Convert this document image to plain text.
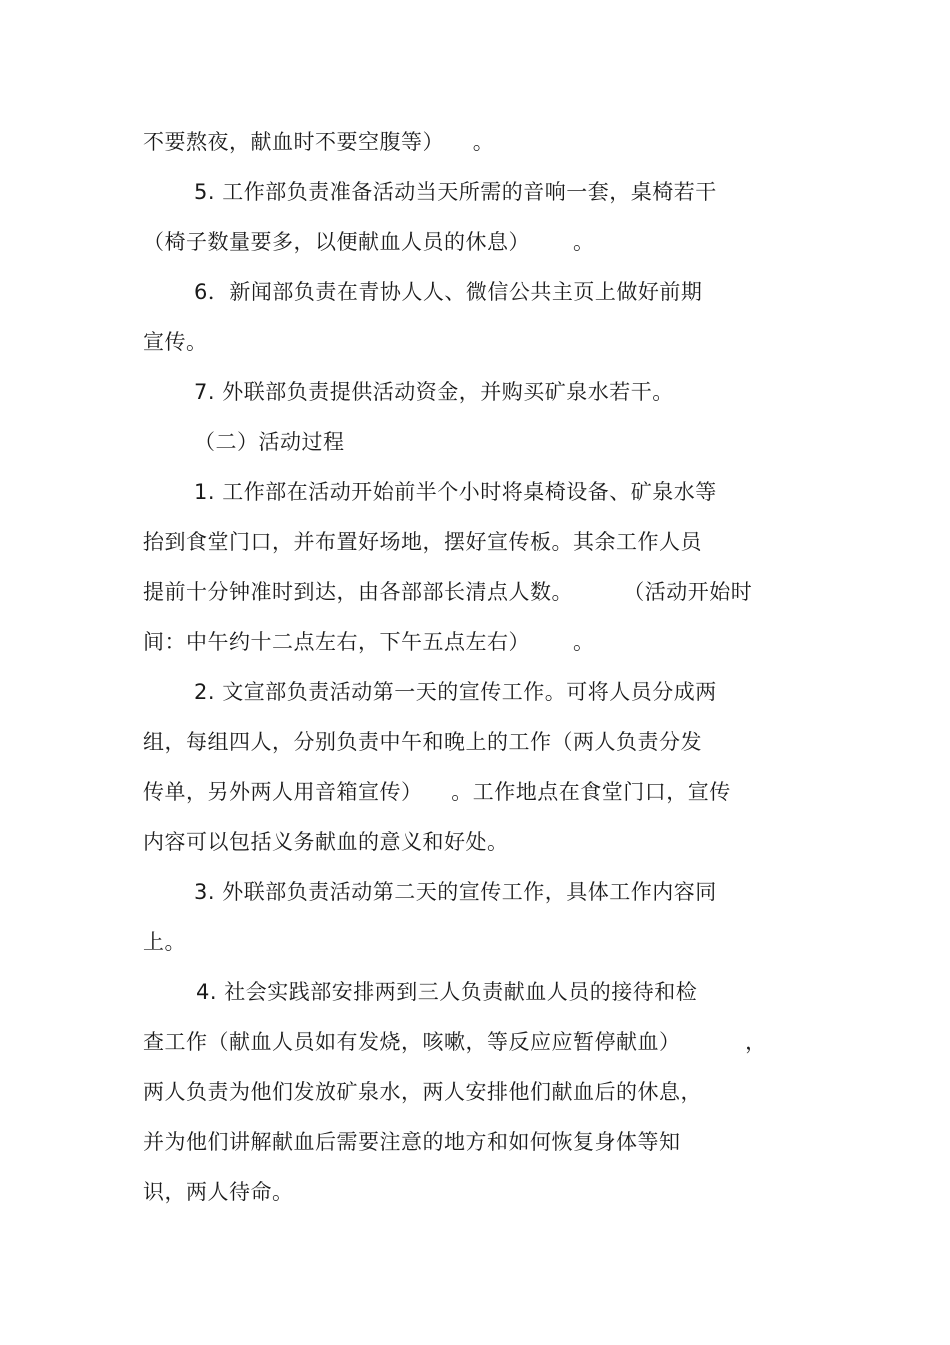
不要熬夜，献血时不要空腹等）    。
5. 工作部负责准备活动当天所需的音响一套，桌椅若干
（椅子数量要多，以便献血人员的休息）      。
6．新闻部负责在青协人人、微信公共主页上做好前期
宣传。
7. 外联部负责提供活动资金，并购买矿泉水若干。
（二）活动过程
1. 工作部在活动开始前半个小时将桌椅设备、矿泉水等
抬到食堂门口，并布置好场地，摆好宣传板。其余工作人员
提前十分钟准时到达，由各部部长清点人数。       （活动开始时
间：中午约十二点左右，下午五点左右）      。
2. 文宣部负责活动第一天的宣传工作。可将人员分成两
组，每组四人，分别负责中午和晚上的工作（两人负责分发
传单，另外两人用音箱宣传）    。工作地点在食堂门口，宣传
内容可以包括义务献血的意义和好处。
3. 外联部负责活动第二天的宣传工作，具体工作内容同
上。
4. 社会实践部安排两到三人负责献血人员的接待和检
查工作（献血人员如有发烧，咳嗽，等反应应暂停献血）         ，
两人负责为他们发放矿泉水，两人安排他们献血后的休息，
并为他们讲解献血后需要注意的地方和如何恢复身体等知
识，两人待命。
